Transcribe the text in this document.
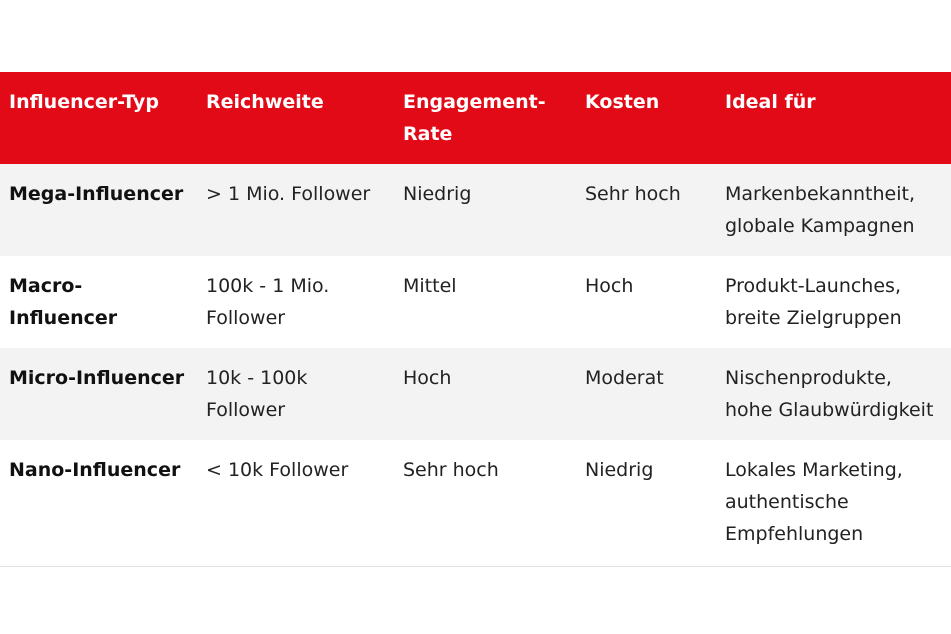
Influencer-Typ	Reichweite	Engagement-Rate	Kosten	Ideal für
Mega-Influencer	> 1 Mio. Follower	Niedrig	Sehr hoch	Markenbekanntheit, globale Kampagnen
Macro-Influencer	100k - 1 Mio. Follower	Mittel	Hoch	Produkt-Launches, breite Zielgruppen
Micro-Influencer	10k - 100k Follower	Hoch	Moderat	Nischenprodukte, hohe Glaubwürdigkeit
Nano-Influencer	< 10k Follower	Sehr hoch	Niedrig	Lokales Marketing, authentische Empfehlungen
